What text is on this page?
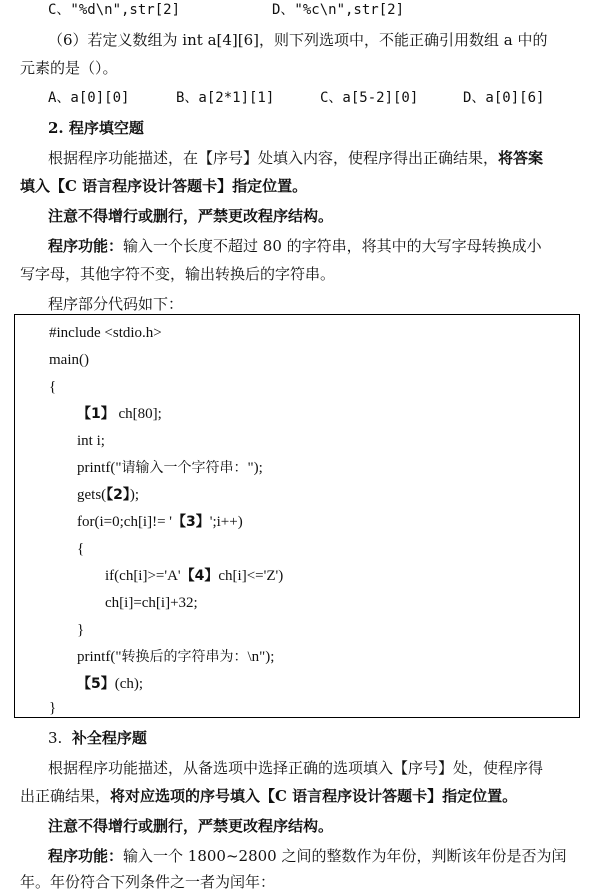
C、"%d\n",str[2]	D、"%c\n",str[2]
（6）若定义数组为 int a[4][6]，则下列选项中，不能正确引用数组 a 中的
元素的是（）。
A、a[0][0]	B、a[2*1][1]	C、a[5-2][0]	D、a[0][6]
2. 程序填空题
根据程序功能描述，在【序号】处填入内容，使程序得出正确结果，将答案
填入【C 语言程序设计答题卡】指定位置。
注意不得增行或删行，严禁更改程序结构。
程序功能：输入一个长度不超过 80 的字符串，将其中的大写字母转换成小
写字母，其他字符不变，输出转换后的字符串。
程序部分代码如下：
#include <stdio.h>
main()
{
【1】 ch[80];
int i;
printf("请输入一个字符串：");
gets(【2】);
for(i=0;ch[i]!= '【3】';i++)
{
if(ch[i]>='A'【4】ch[i]<='Z')
ch[i]=ch[i]+32;
}
printf("转换后的字符串为：\n");
【5】(ch);
}
3. 补全程序题
根据程序功能描述，从备选项中选择正确的选项填入【序号】处，使程序得
出正确结果，将对应选项的序号填入【C 语言程序设计答题卡】指定位置。
注意不得增行或删行，严禁更改程序结构。
程序功能：输入一个 1800~2800 之间的整数作为年份，判断该年份是否为闰
年。年份符合下列条件之一者为闰年：
